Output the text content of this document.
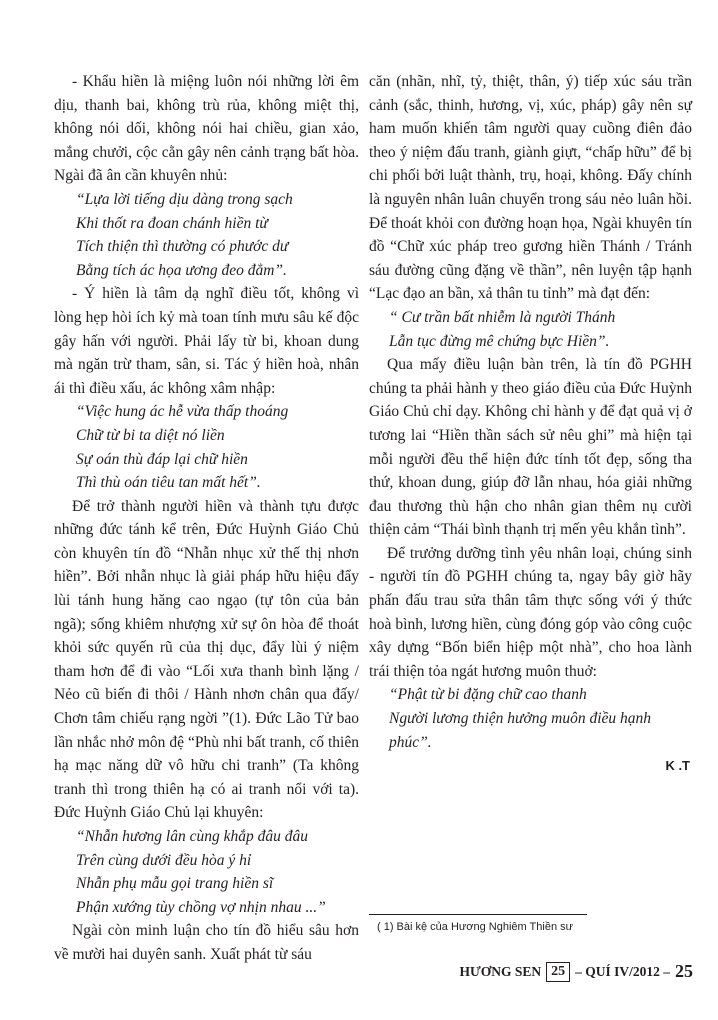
- Khẩu hiền là miệng luôn nói những lời êm dịu, thanh bai, không trù rủa, không miệt thị, không nói dối, không nói hai chiều, gian xảo, mắng chưởi, cộc cằn gây nên cảnh trạng bất hòa. Ngài đã ân cần khuyên nhủ:

“Lựa lời tiếng dịu dàng trong sạch

Khi thốt ra đoan chánh hiền từ

Tích thiện thì thường có phước dư

Bằng tích ác họa ương đeo đẳm”.

- Ý hiền là tâm dạ nghĩ điều tốt, không vì lòng hẹp hòi ích kỷ mà toan tính mưu sâu kế độc gây hấn với người. Phải lấy từ bi, khoan dung mà ngăn trừ tham, sân, si. Tác ý hiền hoà, nhân ái thì điều xấu, ác không xâm nhập:

“Việc hung ác hễ vừa thấp thoáng

Chữ từ bi ta diệt nó liền

Sự oán thù đáp lại chữ hiền

Thì thù oán tiêu tan mất hết”.

Để trở thành người hiền và thành tựu được những đức tánh kể trên, Đức Huỳnh Giáo Chủ còn khuyên tín đồ “Nhẫn nhục xử thế thị nhơn hiền”. Bởi nhẫn nhục là giải pháp hữu hiệu đẩy lùi tánh hung hăng cao ngạo (tự tôn của bản ngã); sống khiêm nhượng xử sự ôn hòa để thoát khỏi sức quyến rũ của thị dục, đẩy lùi ý niệm tham hơn để đi vào “Lối xưa thanh bình lặng / Nẻo cũ biến đi thôi / Hành nhơn chân qua đấy/ Chơn tâm chiếu rạng ngời ”(1). Đức Lão Tử bao lần nhắc nhở môn đệ “Phù nhi bất tranh, cố thiên hạ mạc năng dữ vô hữu chi tranh” (Ta không tranh thì trong thiên hạ có ai tranh nổi với ta). Đức Huỳnh Giáo Chủ lại khuyên:

“Nhẫn hương lân cùng khắp đâu đâu

Trên cùng dưới đều hòa ý hỉ

Nhẫn phụ mẫu gọi trang hiền sĩ

Phận xướng tùy chồng vợ nhịn nhau ...”

Ngài còn minh luận cho tín đồ hiểu sâu hơn về mười hai duyên sanh. Xuất phát từ sáu

căn (nhãn, nhĩ, tỷ, thiệt, thân, ý) tiếp xúc sáu trần cảnh (sắc, thinh, hương, vị, xúc, pháp) gây nên sự ham muốn khiến tâm người quay cuồng điên đảo theo ý niệm đấu tranh, giành giựt, “chấp hữu” để bị chi phối bởi luật thành, trụ, hoại, không. Đấy chính là nguyên nhân luân chuyển trong sáu nẻo luân hồi. Để thoát khỏi con đường hoạn họa, Ngài khuyên tín đồ “Chữ xúc pháp treo gương hiền Thánh / Tránh sáu đường cũng đặng về thần”, nên luyện tập hạnh “Lạc đạo an bần, xả thân tu tỉnh” mà đạt đến:

“ Cư trần bất nhiễm là người Thánh

Lẫn tục đừng mê chứng bực Hiền”.

Qua mấy điều luận bàn trên, là tín đồ PGHH chúng ta phải hành y theo giáo điều của Đức Huỳnh Giáo Chủ chỉ dạy. Không chỉ hành y để đạt quả vị ở tương lai “Hiền thần sách sử nêu ghi” mà hiện tại mỗi người đều thể hiện đức tính tốt đẹp, sống tha thứ, khoan dung, giúp đỡ lẫn nhau, hóa giải những đau thương thù hận cho nhân gian thêm nụ cười thiện cảm “Thái bình thạnh trị mến yêu khắn tình”.

Để trưởng dưỡng tình yêu nhân loại, chúng sinh - người tín đồ PGHH chúng ta, ngay bây giờ hãy phấn đấu trau sửa thân tâm thực sống với ý thức hoà bình, lương hiền, cùng đóng góp vào công cuộc xây dựng “Bốn biển hiệp một nhà”, cho hoa lành trái thiện tỏa ngát hương muôn thuở:

“Phật từ bi đặng chữ cao thanh

Người lương thiện hưởng muôn điều hạnh phúc”.

K .T

( 1) Bài kệ của Hương Nghiêm Thiền sư
HƯƠNG SEN 25 – QUÍ IV/2012 – 25
